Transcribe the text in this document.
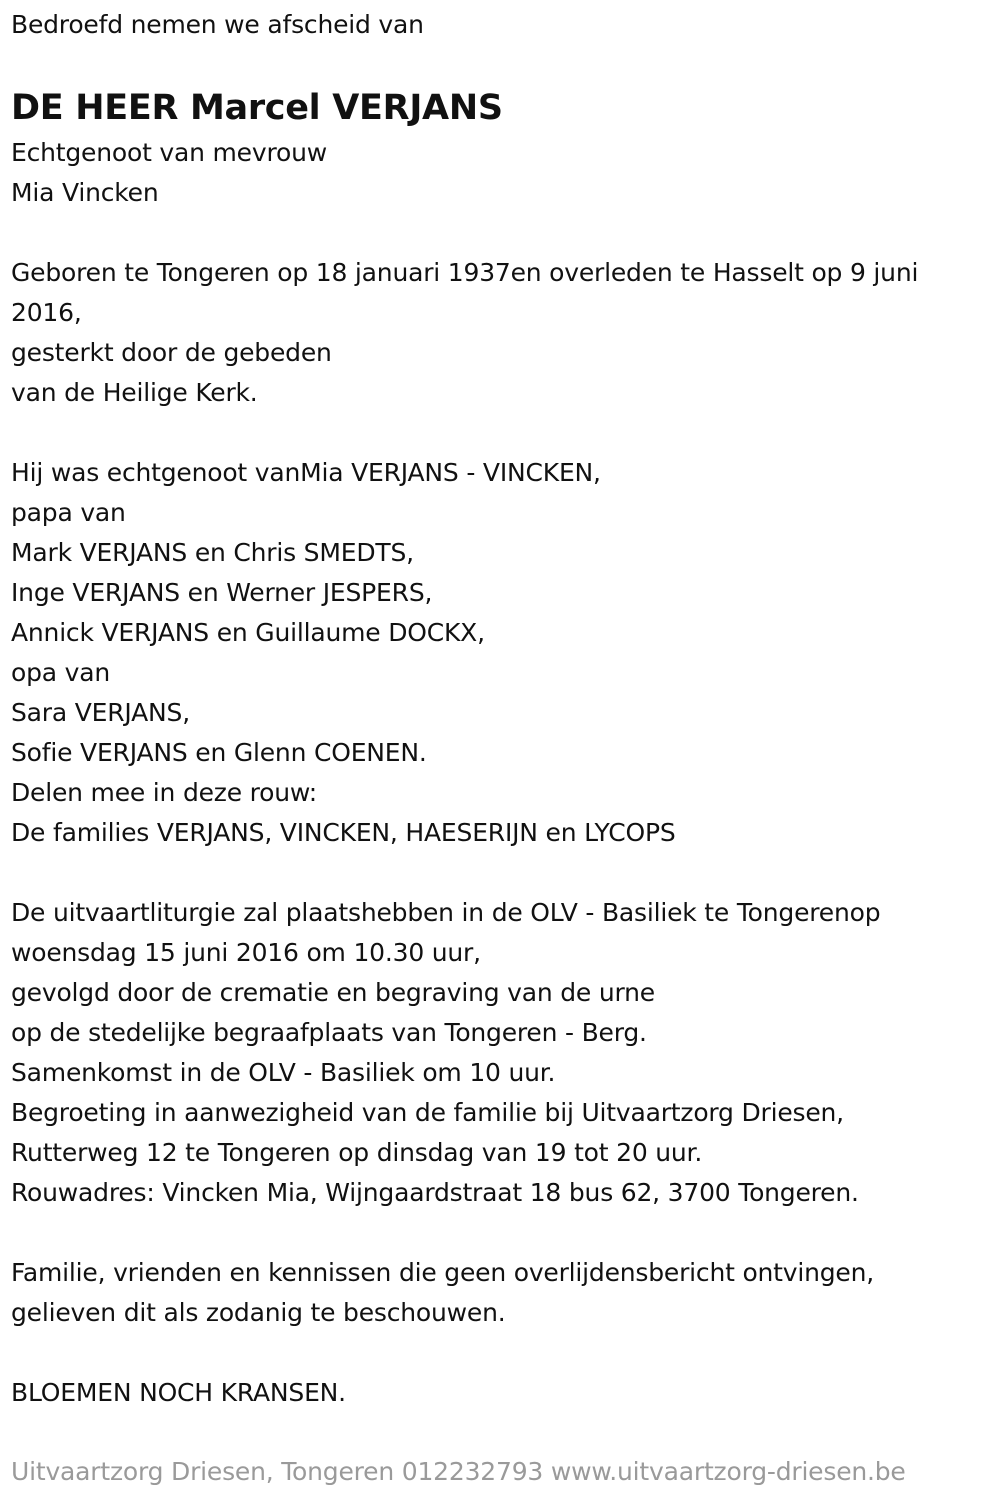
Bedroefd nemen we afscheid van
DE HEER Marcel VERJANS
Echtgenoot van mevrouw
Mia Vincken
Geboren te Tongeren op 18 januari 1937en overleden te Hasselt op 9 juni
2016,
gesterkt door de gebeden
van de Heilige Kerk.
Hij was echtgenoot vanMia VERJANS - VINCKEN,
papa van
Mark VERJANS en Chris SMEDTS,
Inge VERJANS en Werner JESPERS,
Annick VERJANS en Guillaume DOCKX,
opa van
Sara VERJANS,
Sofie VERJANS en Glenn COENEN.
Delen mee in deze rouw:
De families VERJANS, VINCKEN, HAESERIJN en LYCOPS
De uitvaartliturgie zal plaatshebben in de OLV - Basiliek te Tongerenop
woensdag 15 juni 2016 om 10.30 uur,
gevolgd door de crematie en begraving van de urne
op de stedelijke begraafplaats van Tongeren - Berg.
Samenkomst in de OLV - Basiliek om 10 uur.
Begroeting in aanwezigheid van de familie bij Uitvaartzorg Driesen,
Rutterweg 12 te Tongeren op dinsdag van 19 tot 20 uur.
Rouwadres: Vincken Mia, Wijngaardstraat 18 bus 62, 3700 Tongeren.
Familie, vrienden en kennissen die geen overlijdensbericht ontvingen,
gelieven dit als zodanig te beschouwen.
BLOEMEN NOCH KRANSEN.
Uitvaartzorg Driesen, Tongeren 012232793 www.uitvaartzorg-driesen.be
